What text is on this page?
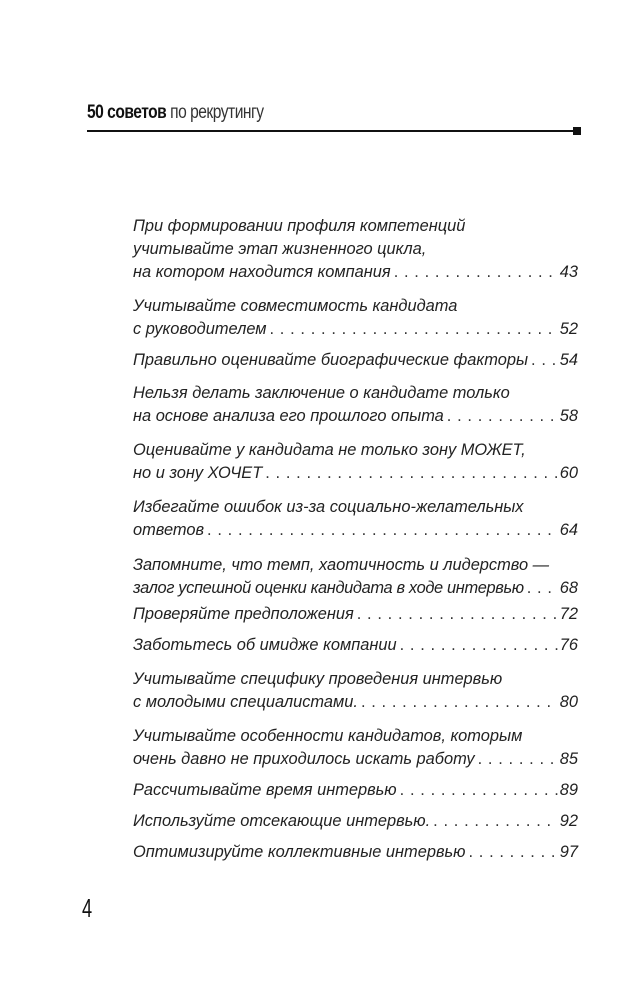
50 советов по рекрутингу
При формировании профиля компетенций
учитывайте этап жизненного цикла,
на котором находится компания . . .	43
Учитывайте совместимость кандидата
с руководителем . . .	52
Правильно оценивайте биографические факторы . . . 54
Нельзя делать заключение о кандидате только
на основе анализа его прошлого опыта . . .	58
Оценивайте у кандидата не только зону МОЖЕТ,
но и зону ХОЧЕТ . . .	60
Избегайте ошибок из-за социально-желательных
ответов . . .	64
Запомните, что темп, хаотичность и лидерство —
залог успешной оценки кандидата в ходе интервью . . . 68
Проверяйте предположения . . .	72
Заботьтесь об имидже компании . . .	76
Учитывайте специфику проведения интервью
с молодыми специалистами. . . .	80
Учитывайте особенности кандидатов, которым
очень давно не приходилось искать работу . . .	85
Рассчитывайте время интервью . . .	89
Используйте отсекающие интервью. . . .	92
Оптимизируйте коллективные интервью . . .	97
4
